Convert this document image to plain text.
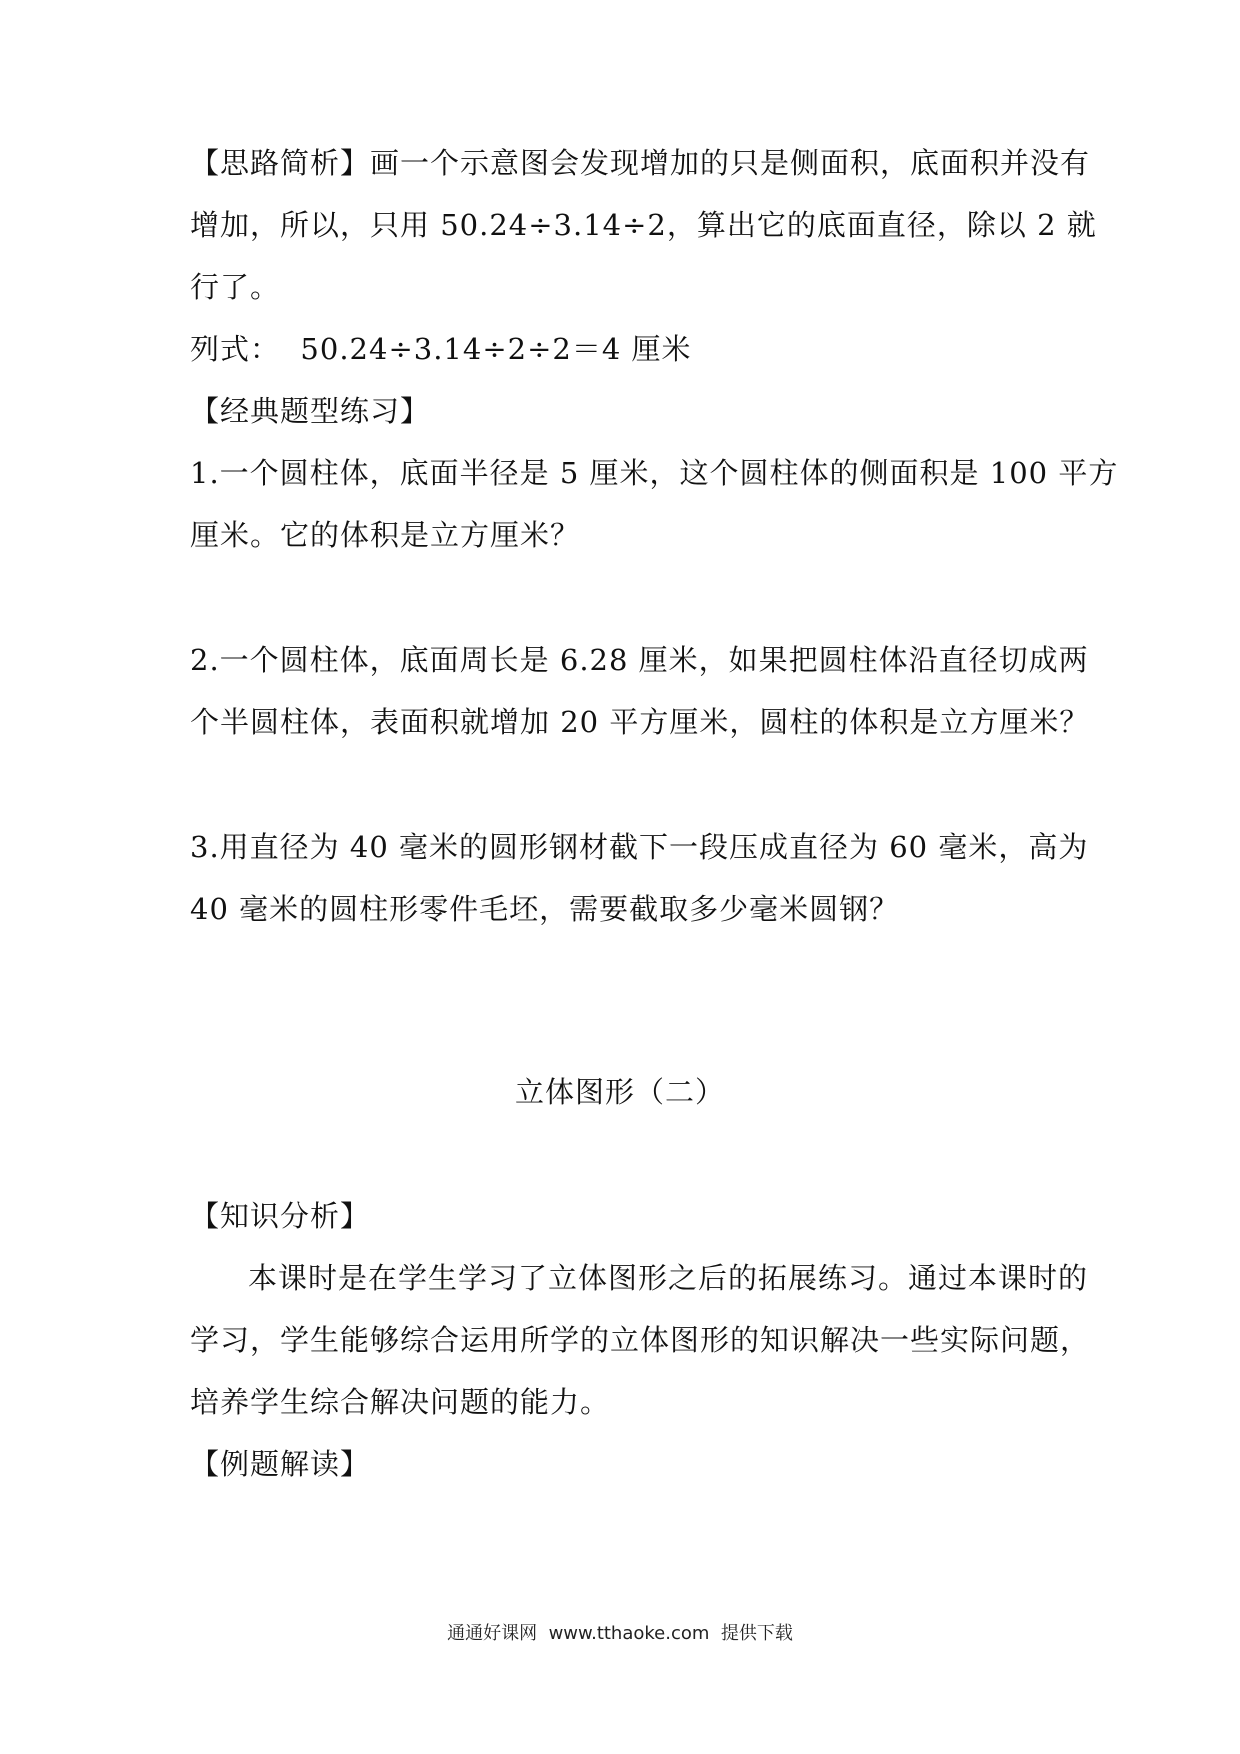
【思路简析】画一个示意图会发现增加的只是侧面积，底面积并没有
增加，所以，只用 50.24÷3.14÷2，算出它的底面直径，除以 2 就
行了。
列式：  50.24÷3.14÷2÷2＝4 厘米
【经典题型练习】
1.一个圆柱体，底面半径是 5 厘米，这个圆柱体的侧面积是 100 平方
厘米。它的体积是立方厘米？
2.一个圆柱体，底面周长是 6.28 厘米，如果把圆柱体沿直径切成两
个半圆柱体，表面积就增加 20 平方厘米，圆柱的体积是立方厘米？
3.用直径为 40 毫米的圆形钢材截下一段压成直径为 60 毫米，高为
40 毫米的圆柱形零件毛坯，需要截取多少毫米圆钢？
立体图形（二）
【知识分析】
本课时是在学生学习了立体图形之后的拓展练习。通过本课时的
学习，学生能够综合运用所学的立体图形的知识解决一些实际问题，
培养学生综合解决问题的能力。
【例题解读】
通通好课网  www.tthaoke.com  提供下载
